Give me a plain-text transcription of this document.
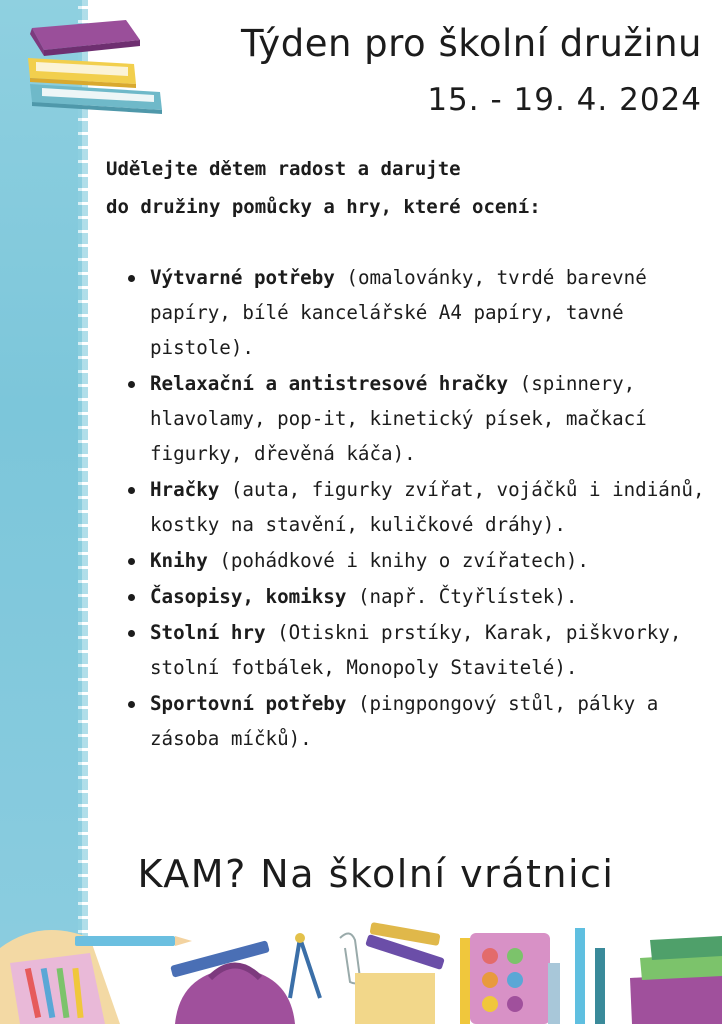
Týden pro školní družinu
15. - 19. 4. 2024
Udělejte dětem radost a darujte
do družiny pomůcky a hry, které ocení:
Výtvarné potřeby (omalovánky, tvrdé barevné papíry, bílé kancelářské A4 papíry, tavné pistole).
Relaxační a antistresové hračky (spinnery, hlavolamy, pop-it, kinetický písek, mačkací figurky, dřevěná káča).
Hračky (auta, figurky zvířat, vojáčků i indiánů, kostky na stavění, kuličkové dráhy).
Knihy (pohádkové i knihy o zvířatech).
Časopisy, komiksy (např. Čtyřlístek).
Stolní hry (Otiskni prstíky, Karak, piškvorky, stolní fotbálek, Monopoly Stavitelé).
Sportovní potřeby (pingpongový stůl, pálky a zásoba míčků).
KAM? Na školní vrátnici
